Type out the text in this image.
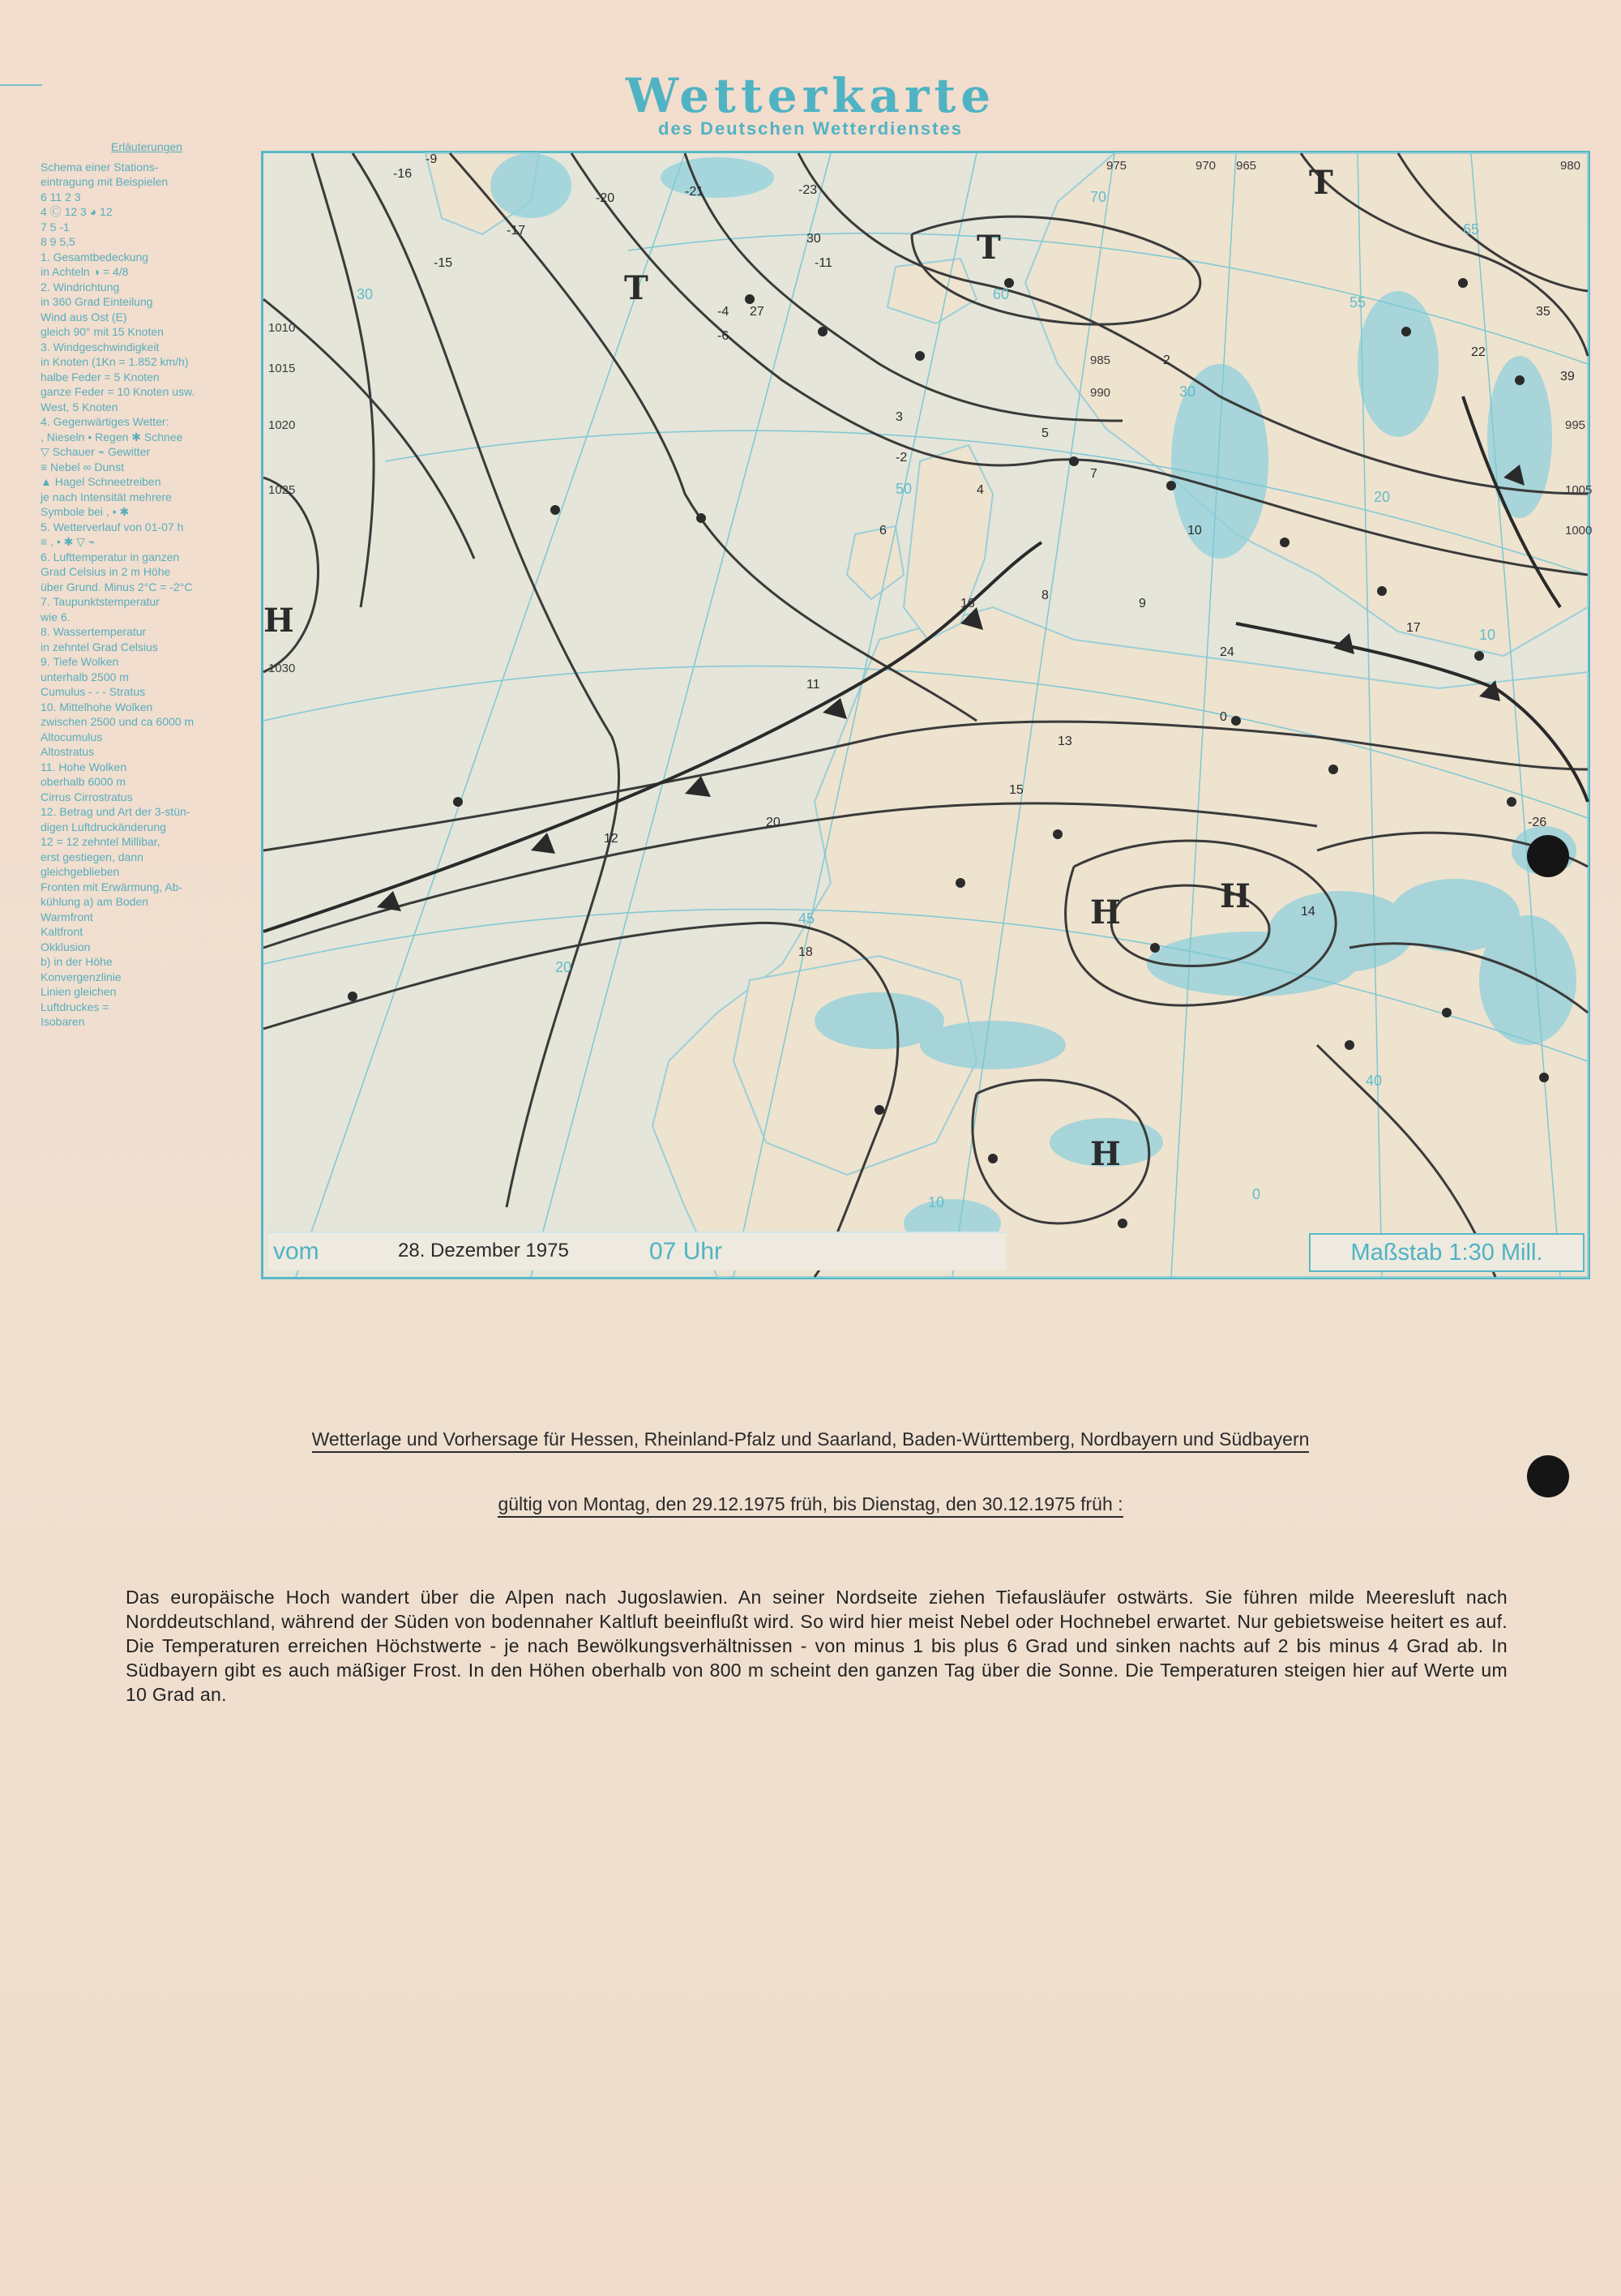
Wetterkarte
des Deutschen Wetterdienstes
Erläuterungen
Schema einer Stations-
eintragung mit Beispielen
6 11 2 3
4 Ⓒ 12 3 ◕ 12
7 5 -1
8 9 5,5
1. Gesamtbedeckung
in Achteln ◑ = 4/8
2. Windrichtung
in 360 Grad Einteilung
Wind aus Ost (E)
gleich 90° mit 15 Knoten
3. Windgeschwindigkeit
in Knoten (1Kn = 1.852 km/h)
halbe Feder = 5 Knoten
ganze Feder = 10 Knoten usw.
West, 5 Knoten
4. Gegenwärtiges Wetter:
, Nieseln • Regen ✱ Schnee
▽ Schauer ⌁ Gewitter
≡ Nebel ∞ Dunst
▲ Hagel Schneetreiben
je nach Intensität mehrere
Symbole bei , • ✱
5. Wetterverlauf von 01-07 h
≡ , • ✱ ▽ ⌁
6. Lufttemperatur in ganzen
Grad Celsius in 2 m Höhe
über Grund. Minus 2°C = -2°C
7. Taupunktstemperatur
wie 6.
8. Wassertemperatur
in zehntel Grad Celsius
9. Tiefe Wolken
unterhalb 2500 m
Cumulus - - - Stratus
10. Mittelhohe Wolken
zwischen 2500 und ca 6000 m
Altocumulus
Altostratus
11. Hohe Wolken
oberhalb 6000 m
Cirrus Cirrostratus
12. Betrag und Art der 3-stün-
digen Luftdruckänderung
12 = 12 zehntel Millibar,
erst gestiegen, dann
gleichgeblieben
Fronten mit Erwärmung, Ab-
kühlung a) am Boden
Warmfront
Kaltfront
Okklusion
b) in der Höhe
Konvergenzlinie
Linien gleichen
Luftdruckes =
Isobaren
T
T
T
H
H	H
H
1010
1015
1020
1025
1030
1005
1000
995
990
985
980
975	970 965
-16
-9
-20	-21	-23
-15
-17
-11
-6
-4
-2
0
2
3
4
5
6
7
8
9
10
11
12
13
14
15
16
17
18
20
22
24
27
30
35
39
-26
30
20
10	0
10
20
30
40
45
50
55
60
65
70
vom	28. Dezember 1975	07 Uhr	Maßstab 1:30 Mill.
Wetterlage und Vorhersage für Hessen, Rheinland-Pfalz und Saarland, Baden-Württemberg, Nordbayern und Südbayern
gültig von Montag, den 29.12.1975 früh, bis Dienstag, den 30.12.1975 früh :
Das europäische Hoch wandert über die Alpen nach Jugoslawien. An seiner Nordseite ziehen Tiefausläufer ostwärts. Sie führen milde Meeresluft nach Norddeutschland, während der Süden von bodennaher Kaltluft beeinflußt wird. So wird hier meist Nebel oder Hochnebel erwartet. Nur gebietsweise heitert es auf. Die Temperaturen erreichen Höchstwerte - je nach Bewölkungsverhältnissen - von minus 1 bis plus 6 Grad und sinken nachts auf 2 bis minus 4 Grad ab. In Südbayern gibt es auch mäßiger Frost. In den Höhen oberhalb von 800 m scheint den ganzen Tag über die Sonne. Die Temperaturen steigen hier auf Werte um 10 Grad an.
